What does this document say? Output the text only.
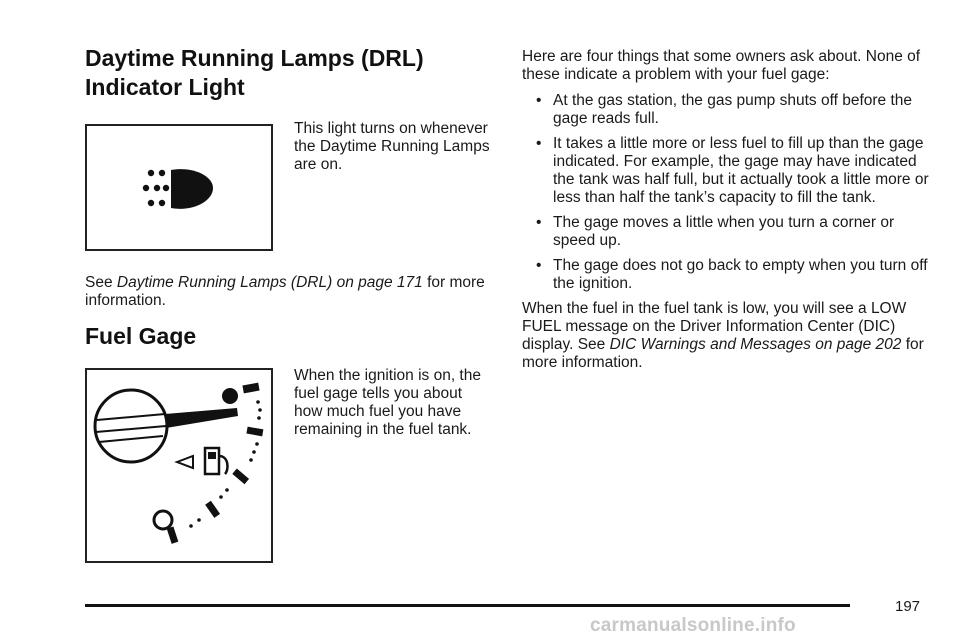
Daytime Running Lamps (DRL) Indicator Light

This light turns on whenever the Daytime Running Lamps are on.

See Daytime Running Lamps (DRL) on page 171 for more information.

Fuel Gage

When the ignition is on, the fuel gage tells you about how much fuel you have remaining in the fuel tank.

Here are four things that some owners ask about. None of these indicate a problem with your fuel gage:

• At the gas station, the gas pump shuts off before the gage reads full.
• It takes a little more or less fuel to fill up than the gage indicated. For example, the gage may have indicated the tank was half full, but it actually took a little more or less than half the tank’s capacity to fill the tank.
• The gage moves a little when you turn a corner or speed up.
• The gage does not go back to empty when you turn off the ignition.

When the fuel in the fuel tank is low, you will see a LOW FUEL message on the Driver Information Center (DIC) display. See DIC Warnings and Messages on page 202 for more information.

197
carmanualsonline.info
